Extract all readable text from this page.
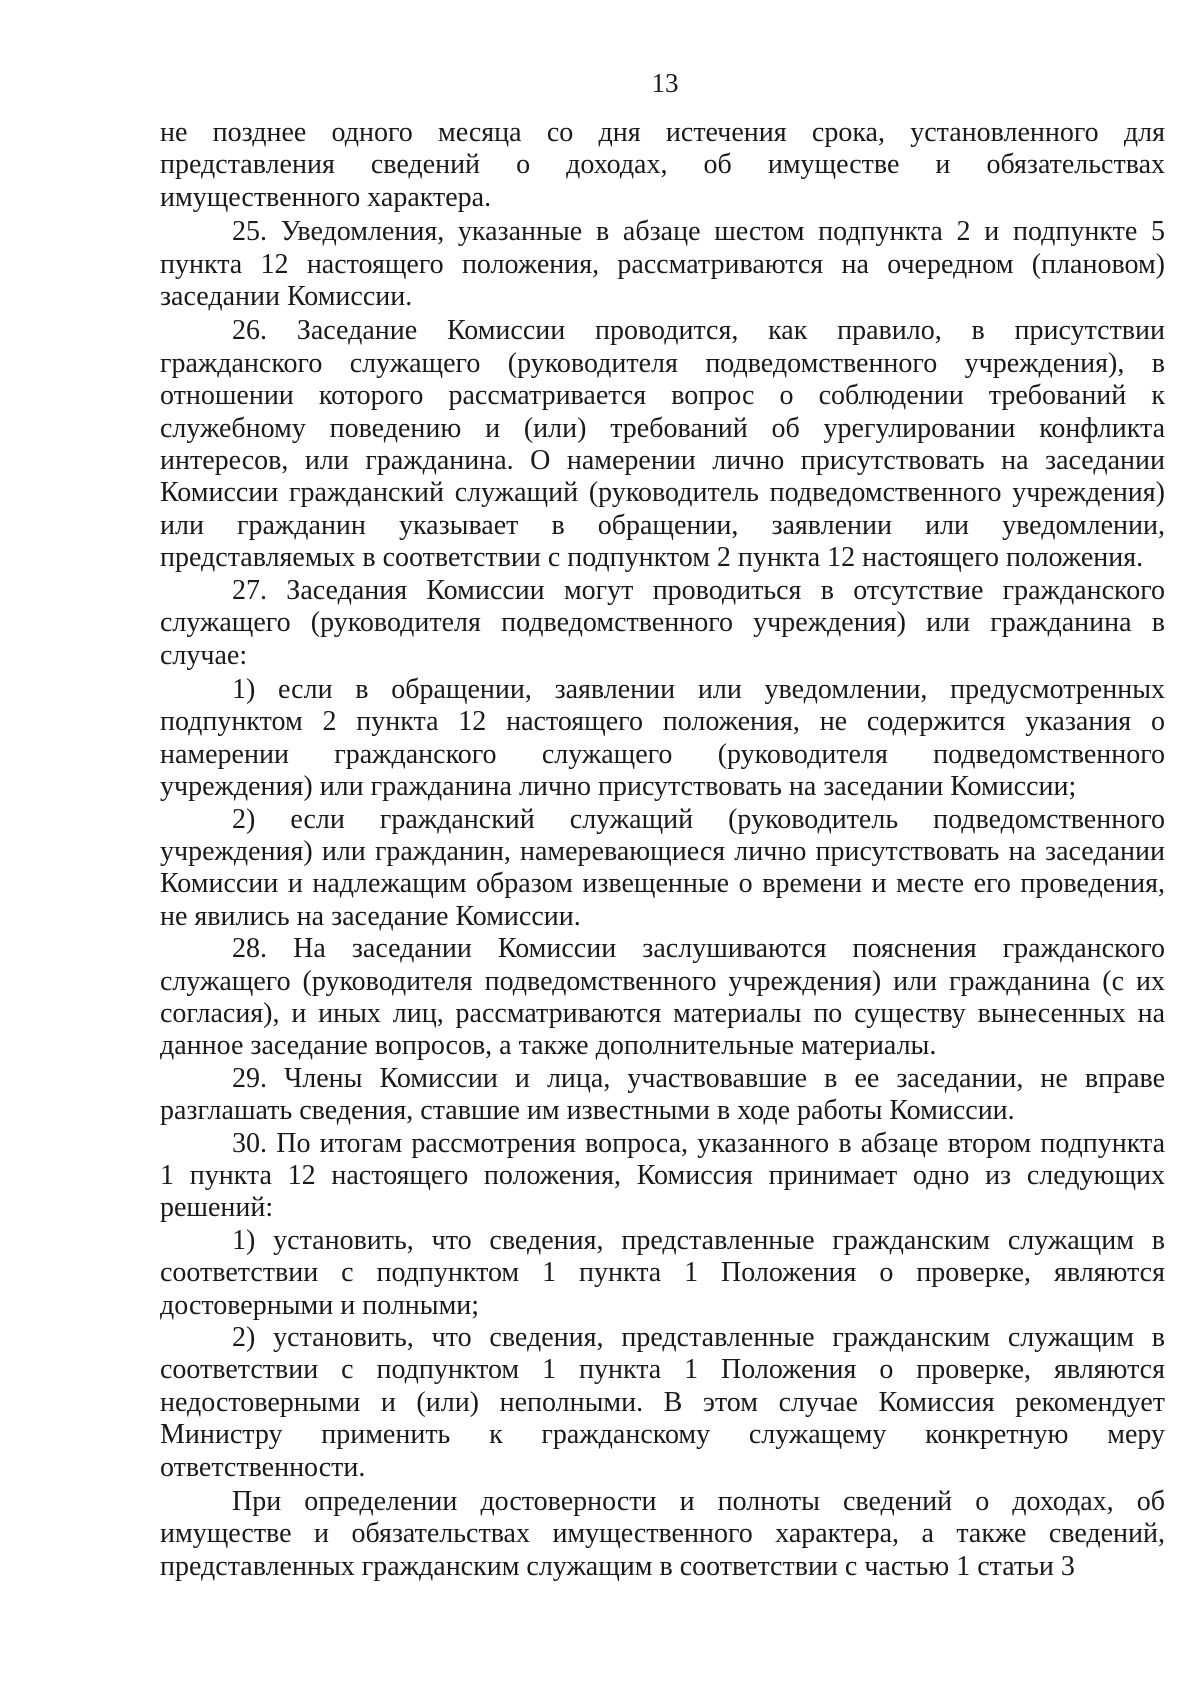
13

не позднее одного месяца со дня истечения срока, установленного для представления сведений о доходах, об имуществе и обязательствах имущественного характера.

25. Уведомления, указанные в абзаце шестом подпункта 2 и подпункте 5 пункта 12 настоящего положения, рассматриваются на очередном (плановом) заседании Комиссии.

26. Заседание Комиссии проводится, как правило, в присутствии гражданского служащего (руководителя подведомственного учреждения), в отношении которого рассматривается вопрос о соблюдении требований к служебному поведению и (или) требований об урегулировании конфликта интересов, или гражданина. О намерении лично присутствовать на заседании Комиссии гражданский служащий (руководитель подведомственного учреждения) или гражданин указывает в обращении, заявлении или уведомлении, представляемых в соответствии с подпунктом 2 пункта 12 настоящего положения.

27. Заседания Комиссии могут проводиться в отсутствие гражданского служащего (руководителя подведомственного учреждения) или гражданина в случае:

1) если в обращении, заявлении или уведомлении, предусмотренных подпунктом 2 пункта 12 настоящего положения, не содержится указания о намерении гражданского служащего (руководителя подведомственного учреждения) или гражданина лично присутствовать на заседании Комиссии;

2) если гражданский служащий (руководитель подведомственного учреждения) или гражданин, намеревающиеся лично присутствовать на заседании Комиссии и надлежащим образом извещенные о времени и месте его проведения, не явились на заседание Комиссии.

28. На заседании Комиссии заслушиваются пояснения гражданского служащего (руководителя подведомственного учреждения) или гражданина (с их согласия), и иных лиц, рассматриваются материалы по существу вынесенных на данное заседание вопросов, а также дополнительные материалы.

29. Члены Комиссии и лица, участвовавшие в ее заседании, не вправе разглашать сведения, ставшие им известными в ходе работы Комиссии.

30. По итогам рассмотрения вопроса, указанного в абзаце втором подпункта 1 пункта 12 настоящего положения, Комиссия принимает одно из следующих решений:

1) установить, что сведения, представленные гражданским служащим в соответствии с подпунктом 1 пункта 1 Положения о проверке, являются достоверными и полными;

2) установить, что сведения, представленные гражданским служащим в соответствии с подпунктом 1 пункта 1 Положения о проверке, являются недостоверными и (или) неполными. В этом случае Комиссия рекомендует Министру применить к гражданскому служащему конкретную меру ответственности.

При определении достоверности и полноты сведений о доходах, об имуществе и обязательствах имущественного характера, а также сведений, представленных гражданским служащим в соответствии с частью 1 статьи 3
